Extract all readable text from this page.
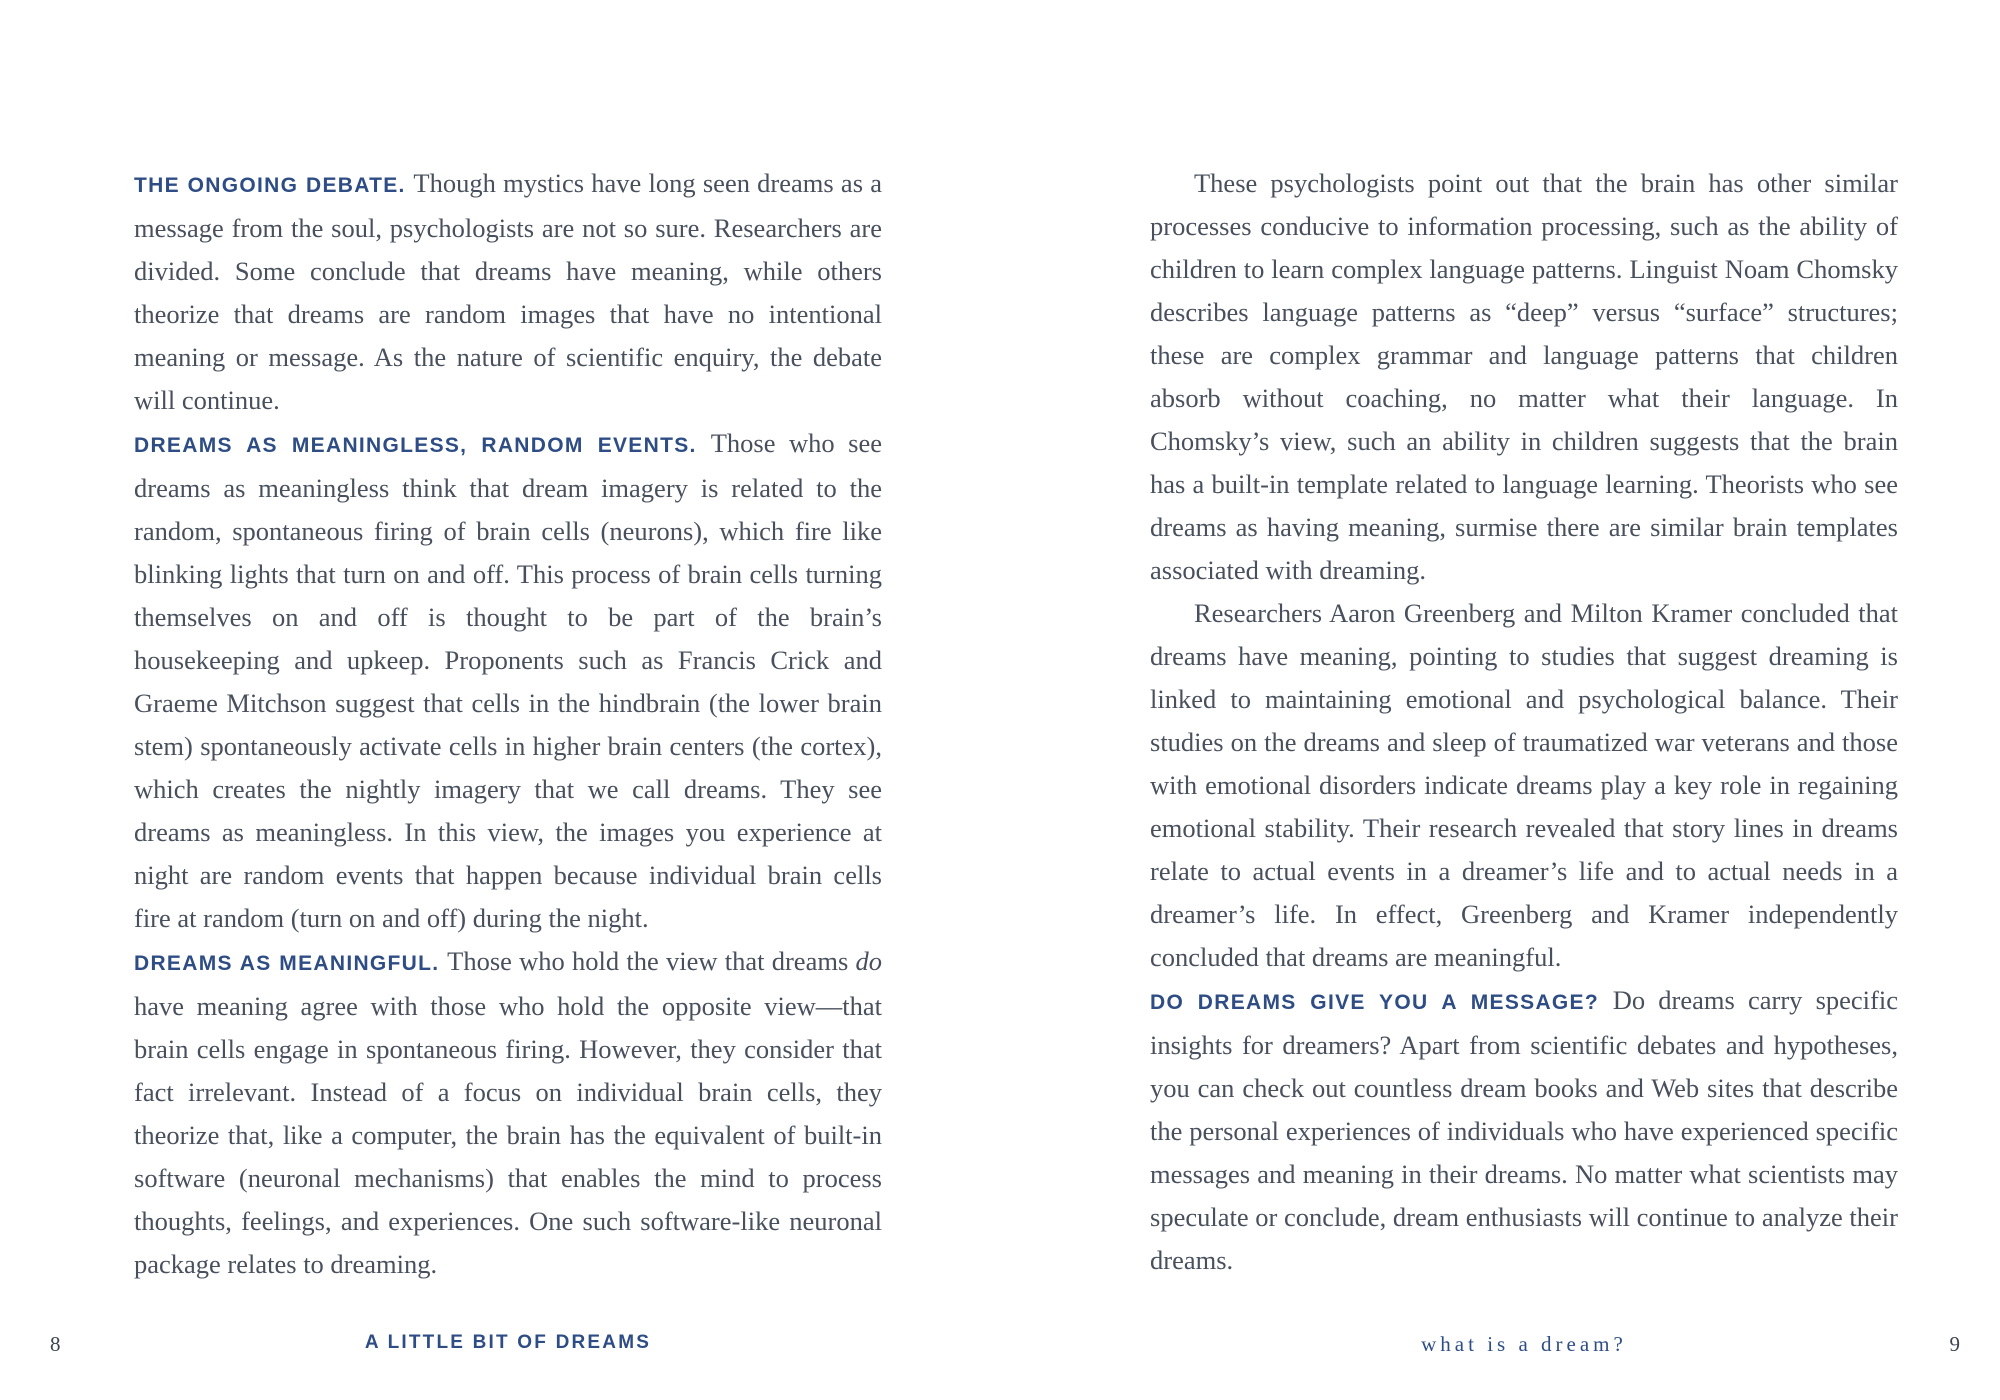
THE ONGOING DEBATE. Though mystics have long seen dreams as a message from the soul, psychologists are not so sure. Researchers are divided. Some conclude that dreams have meaning, while others theorize that dreams are random images that have no intentional meaning or message. As the nature of scientific enquiry, the debate will continue.

DREAMS AS MEANINGLESS, RANDOM EVENTS. Those who see dreams as meaningless think that dream imagery is related to the random, spontaneous firing of brain cells (neurons), which fire like blinking lights that turn on and off. This process of brain cells turning themselves on and off is thought to be part of the brain’s housekeeping and upkeep. Proponents such as Francis Crick and Graeme Mitchson suggest that cells in the hindbrain (the lower brain stem) spontaneously activate cells in higher brain centers (the cortex), which creates the nightly imagery that we call dreams. They see dreams as meaningless. In this view, the images you experience at night are random events that happen because individual brain cells fire at random (turn on and off) during the night.

DREAMS AS MEANINGFUL. Those who hold the view that dreams do have meaning agree with those who hold the opposite view—that brain cells engage in spontaneous firing. However, they consider that fact irrelevant. Instead of a focus on individual brain cells, they theorize that, like a computer, the brain has the equivalent of built-in software (neuronal mechanisms) that enables the mind to process thoughts, feelings, and experiences. One such software-like neuronal package relates to dreaming.

These psychologists point out that the brain has other similar processes conducive to information processing, such as the ability of children to learn complex language patterns. Linguist Noam Chomsky describes language patterns as “deep” versus “surface” structures; these are complex grammar and language patterns that children absorb without coaching, no matter what their language. In Chomsky’s view, such an ability in children suggests that the brain has a built-in template related to language learning. Theorists who see dreams as having meaning, surmise there are similar brain templates associated with dreaming.

Researchers Aaron Greenberg and Milton Kramer concluded that dreams have meaning, pointing to studies that suggest dreaming is linked to maintaining emotional and psychological balance. Their studies on the dreams and sleep of traumatized war veterans and those with emotional disorders indicate dreams play a key role in regaining emotional stability. Their research revealed that story lines in dreams relate to actual events in a dreamer’s life and to actual needs in a dreamer’s life. In effect, Greenberg and Kramer independently concluded that dreams are meaningful.

DO DREAMS GIVE YOU A MESSAGE? Do dreams carry specific insights for dreamers? Apart from scientific debates and hypotheses, you can check out countless dream books and Web sites that describe the personal experiences of individuals who have experienced specific messages and meaning in their dreams. No matter what scientists may speculate or conclude, dream enthusiasts will continue to analyze their dreams.

8	A LITTLE BIT OF DREAMS	what is a dream?	9
